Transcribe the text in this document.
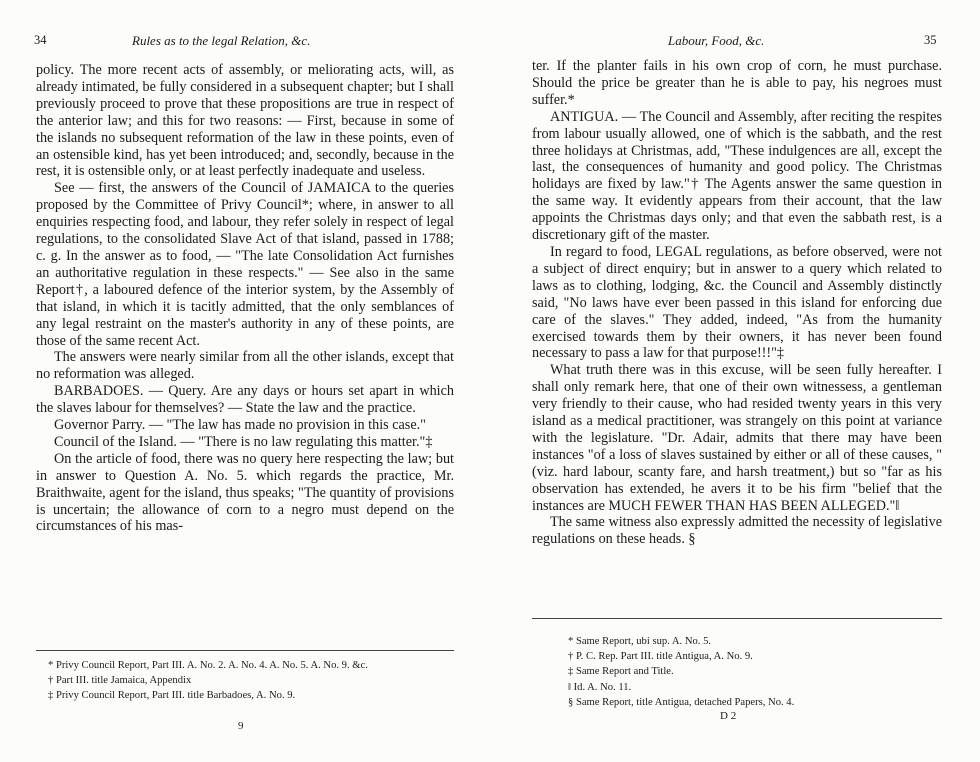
34	Rules as to the legal Relation, &c.

policy. The more recent acts of assembly, or meliorating acts, will, as already intimated, be fully considered in a subsequent chapter; but I shall previously proceed to prove that these propositions are true in respect of the anterior law; and this for two reasons: — First, because in some of the islands no subsequent reformation of the law in these points, even of an ostensible kind, has yet been introduced; and, secondly, because in the rest, it is ostensible only, or at least perfectly inadequate and useless.

See — first, the answers of the Council of JAMAICA to the queries proposed by the Committee of Privy Council*; where, in answer to all enquiries respecting food, and labour, they refer solely in respect of legal regulations, to the consolidated Slave Act of that island, passed in 1788; c. g. In the answer as to food, — "The late Consolidation Act furnishes an authoritative regulation in these respects." — See also in the same Report†, a laboured defence of the interior system, by the Assembly of that island, in which it is tacitly admitted, that the only semblances of any legal restraint on the master's authority in any of these points, are those of the same recent Act.

The answers were nearly similar from all the other islands, except that no reformation was alleged.

BARBADOES. — Query. Are any days or hours set apart in which the slaves labour for themselves? — State the law and the practice.

Governor Parry. — "The law has made no provision in this case."

Council of the Island. — "There is no law regulating this matter."‡

On the article of food, there was no query here respecting the law; but in answer to Question A. No. 5. which regards the practice, Mr. Braithwaite, agent for the island, thus speaks; "The quantity of provisions is uncertain; the allowance of corn to a negro must depend on the circumstances of his mas-

* Privy Council Report, Part III. A. No. 2. A. No. 4. A. No. 5. A. No. 9. &c.

† Part III. title Jamaica, Appendix

‡ Privy Council Report, Part III. title Barbadoes, A. No. 9.

9
Labour, Food, &c.	35

ter. If the planter fails in his own crop of corn, he must purchase. Should the price be greater than he is able to pay, his negroes must suffer.*

ANTIGUA. — The Council and Assembly, after reciting the respites from labour usually allowed, one of which is the sabbath, and the rest three holidays at Christmas, add, "These indulgences are all, except the last, the consequences of humanity and good policy. The Christmas holidays are fixed by law."† The Agents answer the same question in the same way. It evidently appears from their account, that the law appoints the Christmas days only; and that even the sabbath rest, is a discretionary gift of the master.

In regard to food, LEGAL regulations, as before observed, were not a subject of direct enquiry; but in answer to a query which related to laws as to clothing, lodging, &c. the Council and Assembly distinctly said, "No laws have ever been passed in this island for enforcing due care of the slaves." They added, indeed, "As from the humanity exercised towards them by their owners, it has never been found necessary to pass a law for that purpose!!!"‡

What truth there was in this excuse, will be seen fully hereafter. I shall only remark here, that one of their own witnessess, a gentleman very friendly to their cause, who had resided twenty years in this very island as a medical practitioner, was strangely on this point at variance with the legislature. "Dr. Adair, admits that there may have been instances "of a loss of slaves sustained by either or all of these causes, "(viz. hard labour, scanty fare, and harsh treatment,) but so "far as his observation has extended, he avers it to be his firm "belief that the instances are MUCH FEWER THAN HAS BEEN ALLEGED."‖

The same witness also expressly admitted the necessity of legislative regulations on these heads. §

* Same Report, ubi sup. A. No. 5.

† P. C. Rep. Part III. title Antigua, A. No. 9.

‡ Same Report and Title.

‖ Id. A. No. 11.

§ Same Report, title Antigua, detached Papers, No. 4.

D 2
